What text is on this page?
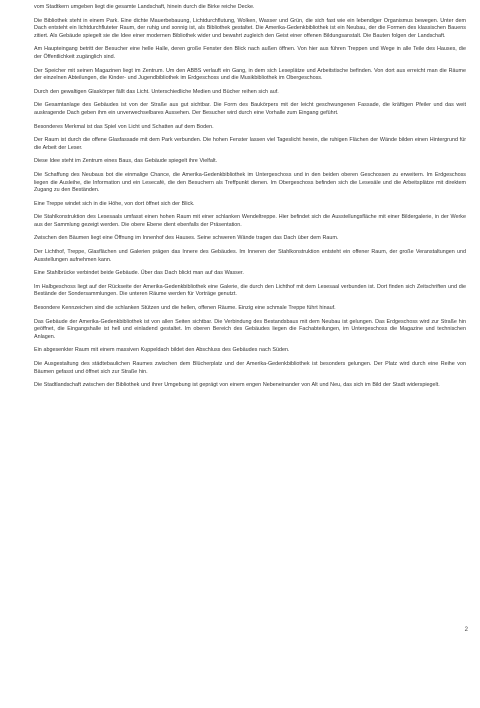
vom Stadtkern umgeben liegt die gesamte Landschaft, hinein durch die Birke reiche Decke.

Die Bibliothek steht in einem Park. Eine dichte Mauerbebauung, Lichtdurchflutung, Wolken, Wasser und Grün, die sich fast wie ein lebendiger Organismus bewegen. Unter dem Dach entsteht ein lichtdurchfluteter Raum, der ruhig und sonnig ist, als Bibliothek gestaltet. Die Amerika-Gedenkbibliothek ist ein Neubau, der die Formen des klassischen Bauens zitiert. Als Gebäude spiegelt sie die Idee einer modernen Bibliothek wider und bewahrt zugleich den Geist einer offenen Bildungsanstalt. Die Bauten folgen der Landschaft.

Am Haupteingang betritt der Besucher eine helle Halle, deren große Fenster den Blick nach außen öffnen. Von hier aus führen Treppen und Wege in alle Teile des Hauses, die der Öffentlichkeit zugänglich sind.

Der Speicher mit seinen Magazinen liegt im Zentrum. Um den ABBS verlauft ein Gang, in dem sich Leseplätze und Arbeitstische befinden. Von dort aus erreicht man die Räume der einzelnen Abteilungen, die Kinder- und Jugendbibliothek im Erdgeschoss und die Musikbibliothek im Obergeschoss.

Durch den gewaltigen Glaskörper fällt das Licht. Unterschiedliche Medien und Bücher reihen sich auf.

Die Gesamtanlage des Gebäudes ist von der Straße aus gut sichtbar. Die Form des Baukörpers mit der leicht geschwungenen Fassade, die kräftigen Pfeiler und das weit auskragende Dach geben ihm ein unverwechselbares Aussehen. Der Besucher wird durch eine Vorhalle zum Eingang geführt.

Besonderes Merkmal ist das Spiel von Licht und Schatten auf dem Boden.

Der Raum ist durch die offene Glasfassade mit dem Park verbunden. Die hohen Fenster lassen viel Tageslicht herein, die ruhigen Flächen der Wände bilden einen Hintergrund für die Arbeit der Leser.

Diese Idee steht im Zentrum eines Baus, das Gebäude spiegelt ihre Vielfalt.

Die Schaffung des Neubaus bot die einmalige Chance, die Amerika-Gedenkbibliothek im Untergeschoss und in den beiden oberen Geschossen zu erweitern. Im Erdgeschoss liegen die Ausleihe, die Information und ein Lesecafé, die den Besuchern als Treffpunkt dienen. Im Obergeschoss befinden sich die Lesesäle und die Arbeitsplätze mit direktem Zugang zu den Beständen.

Eine Treppe windet sich in die Höhe, von dort öffnet sich der Blick.

Die Stahlkonstruktion des Lesesaals umfasst einen hohen Raum mit einer schlanken Wendeltreppe. Hier befindet sich die Ausstellungsfläche mit einer Bildergalerie, in der Werke aus der Sammlung gezeigt werden. Die obere Ebene dient ebenfalls der Präsentation.

Zwischen den Bäumen liegt eine Öffnung im Innenhof des Hauses. Seine schweren Wände tragen das Dach über dem Raum.

Der Lichthof, Treppe, Glasflächen und Galerien prägen das Innere des Gebäudes. Im Inneren der Stahlkonstruktion entsteht ein offener Raum, der große Veranstaltungen und Ausstellungen aufnehmen kann.

Eine Stahlbrücke verbindet beide Gebäude. Über das Dach blickt man auf das Wasser.

Im Halbgeschoss liegt auf der Rückseite der Amerika-Gedenkbibliothek eine Galerie, die durch den Lichthof mit dem Lesesaal verbunden ist. Dort finden sich Zeitschriften und die Bestände der Sondersammlungen. Die unteren Räume werden für Vorträge genutzt.

Besondere Kennzeichen sind die schlanken Stützen und die hellen, offenen Räume. Einzig eine schmale Treppe führt hinauf.

Das Gebäude der Amerika-Gedenkbibliothek ist von allen Seiten sichtbar. Die Verbindung des Bestandsbaus mit dem Neubau ist gelungen. Das Erdgeschoss wird zur Straße hin geöffnet, die Eingangshalle ist hell und einladend gestaltet. Im oberen Bereich des Gebäudes liegen die Fachabteilungen, im Untergeschoss die Magazine und technischen Anlagen.

Ein abgesenkter Raum mit einem massiven Kuppeldach bildet den Abschluss des Gebäudes nach Süden.

Die Ausgestaltung des städtebaulichen Raumes zwischen dem Blücherplatz und der Amerika-Gedenkbibliothek ist besonders gelungen. Der Platz wird durch eine Reihe von Bäumen gefasst und öffnet sich zur Straße hin.

Die Stadtlandschaft zwischen der Bibliothek und ihrer Umgebung ist geprägt von einem engen Nebeneinander von Alt und Neu, das sich im Bild der Stadt widerspiegelt.

2
